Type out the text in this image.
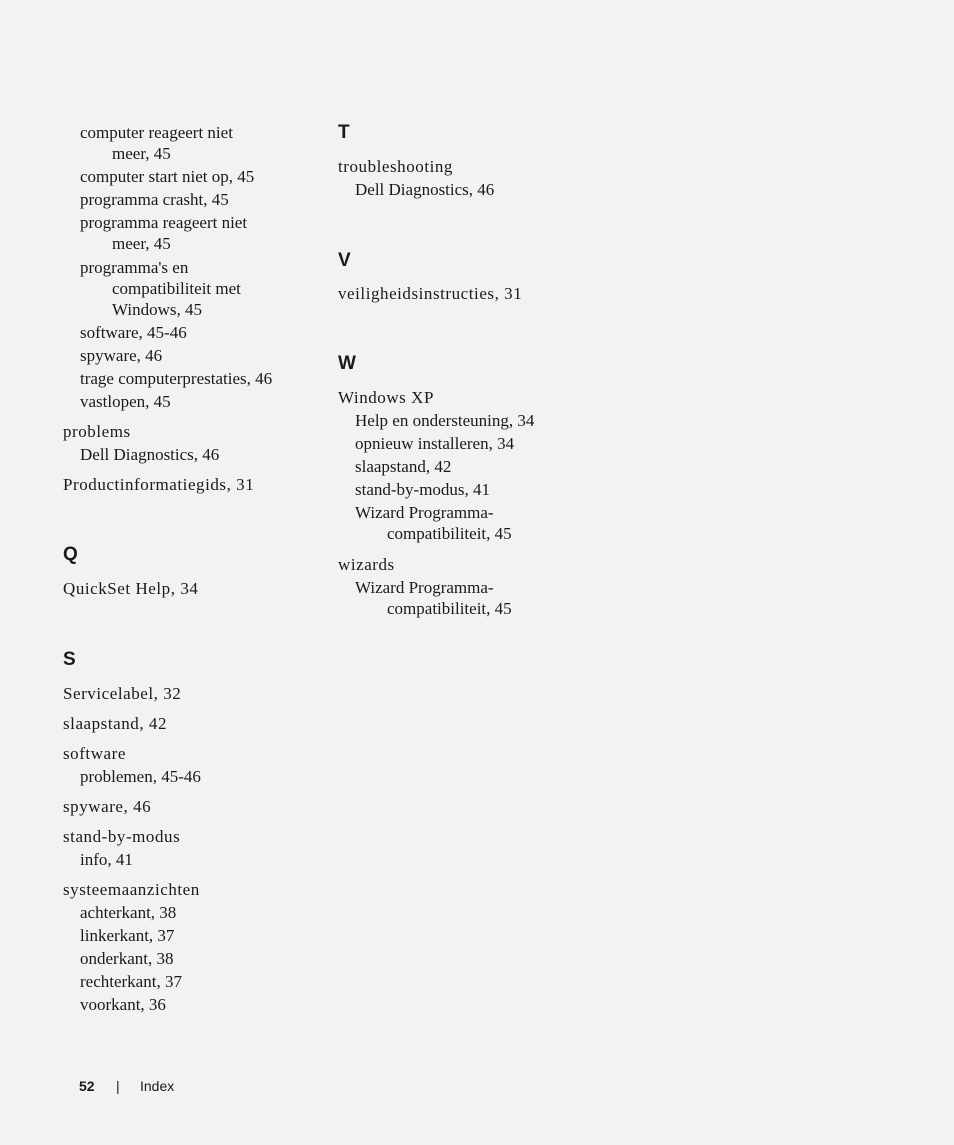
computer reageert niet
meer, 45
computer start niet op, 45
programma crasht, 45
programma reageert niet
meer, 45
programma's en
compatibiliteit met
Windows, 45
software, 45-46
spyware, 46
trage computerprestaties, 46
vastlopen, 45
problems
Dell Diagnostics, 46
Productinformatiegids, 31
Q
QuickSet Help, 34
S
Servicelabel, 32
slaapstand, 42
software
problemen, 45-46
spyware, 46
stand-by-modus
info, 41
systeemaanzichten
achterkant, 38
linkerkant, 37
onderkant, 38
rechterkant, 37
voorkant, 36
T
troubleshooting
Dell Diagnostics, 46
V
veiligheidsinstructies, 31
W
Windows XP
Help en ondersteuning, 34
opnieuw installeren, 34
slaapstand, 42
stand-by-modus, 41
Wizard Programma-
compatibiliteit, 45
wizards
Wizard Programma-
compatibiliteit, 45
52 | Index
